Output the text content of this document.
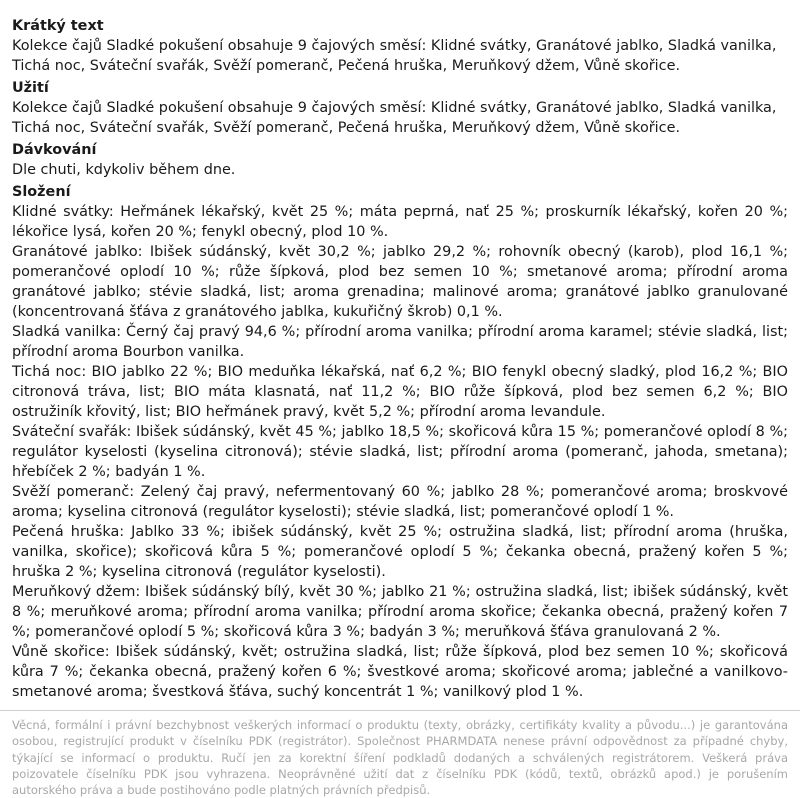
Krátký text

Kolekce čajů Sladké pokušení obsahuje 9 čajových směsí: Klidné svátky, Granátové jablko, Sladká vanilka, Tichá noc, Sváteční svařák, Svěží pomeranč, Pečená hruška, Meruňkový džem, Vůně skořice.

Užití

Kolekce čajů Sladké pokušení obsahuje 9 čajových směsí: Klidné svátky, Granátové jablko, Sladká vanilka, Tichá noc, Sváteční svařák, Svěží pomeranč, Pečená hruška, Meruňkový džem, Vůně skořice.

Dávkování

Dle chuti, kdykoliv během dne.

Složení

Klidné svátky: Heřmánek lékařský, květ 25 %; máta peprná, nať 25 %; proskurník lékařský, kořen 20 %; lékořice lysá, kořen 20 %; fenykl obecný, plod 10 %.

Granátové jablko: Ibišek súdánský, květ 30,2 %; jablko 29,2 %; rohovník obecný (karob), plod 16,1 %; pomerančové oplodí 10 %; růže šípková, plod bez semen 10 %; smetanové aroma; přírodní aroma granátové jablko; stévie sladká, list; aroma grenadina; malinové aroma; granátové jablko granulované (koncentrovaná šťáva z granátového jablka, kukuřičný škrob) 0,1 %.

Sladká vanilka: Černý čaj pravý 94,6 %; přírodní aroma vanilka; přírodní aroma karamel; stévie sladká, list; přírodní aroma Bourbon vanilka.

Tichá noc: BIO jablko 22 %; BIO meduňka lékařská, nať 6,2 %; BIO fenykl obecný sladký, plod 16,2 %; BIO citronová tráva, list; BIO máta klasnatá, nať 11,2 %; BIO růže šípková, plod bez semen 6,2 %; BIO ostružiník křovitý, list; BIO heřmánek pravý, květ 5,2 %; přírodní aroma levandule.

Sváteční svařák: Ibišek súdánský, květ 45 %; jablko 18,5 %; skořicová kůra 15 %; pomerančové oplodí 8 %; regulátor kyselosti (kyselina citronová); stévie sladká, list; přírodní aroma (pomeranč, jahoda, smetana); hřebíček 2 %; badyán 1 %.

Svěží pomeranč: Zelený čaj pravý, nefermentovaný 60 %; jablko 28 %; pomerančové aroma; broskvové aroma; kyselina citronová (regulátor kyselosti); stévie sladká, list; pomerančové oplodí 1 %.

Pečená hruška: Jablko 33 %; ibišek súdánský, květ 25 %; ostružina sladká, list; přírodní aroma (hruška, vanilka, skořice); skořicová kůra 5 %; pomerančové oplodí 5 %; čekanka obecná, pražený kořen 5 %; hruška 2 %; kyselina citronová (regulátor kyselosti).

Meruňkový džem: Ibišek súdánský bílý, květ 30 %; jablko 21 %; ostružina sladká, list; ibišek súdánský, květ 8 %; meruňkové aroma; přírodní aroma vanilka; přírodní aroma skořice; čekanka obecná, pražený kořen 7 %; pomerančové oplodí 5 %; skořicová kůra 3 %; badyán 3 %; meruňková šťáva granulovaná 2 %.

Vůně skořice: Ibišek súdánský, květ; ostružina sladká, list; růže šípková, plod bez semen 10 %; skořicová kůra 7 %; čekanka obecná, pražený kořen 6 %; švestkové aroma; skořicové aroma; jablečné a vanilkovo-smetanové aroma; švestková šťáva, suchý koncentrát 1 %; vanilkový plod 1 %.

Věcná, formální i právní bezchybnost veškerých informací o produktu (texty, obrázky, certifikáty kvality a původu...) je garantována osobou, registrující produkt v číselníku PDK (registrátor). Společnost PHARMDATA nenese právní odpovědnost za případné chyby, týkající se informací o produktu. Ručí jen za korektní šíření podkladů dodaných a schválených registrátorem. Veškerá práva poizovatele číselníku PDK jsou vyhrazena. Neoprávněné užití dat z číselníku PDK (kódů, textů, obrázků apod.) je porušením autorského práva a bude postihováno podle platných právních předpisů.
